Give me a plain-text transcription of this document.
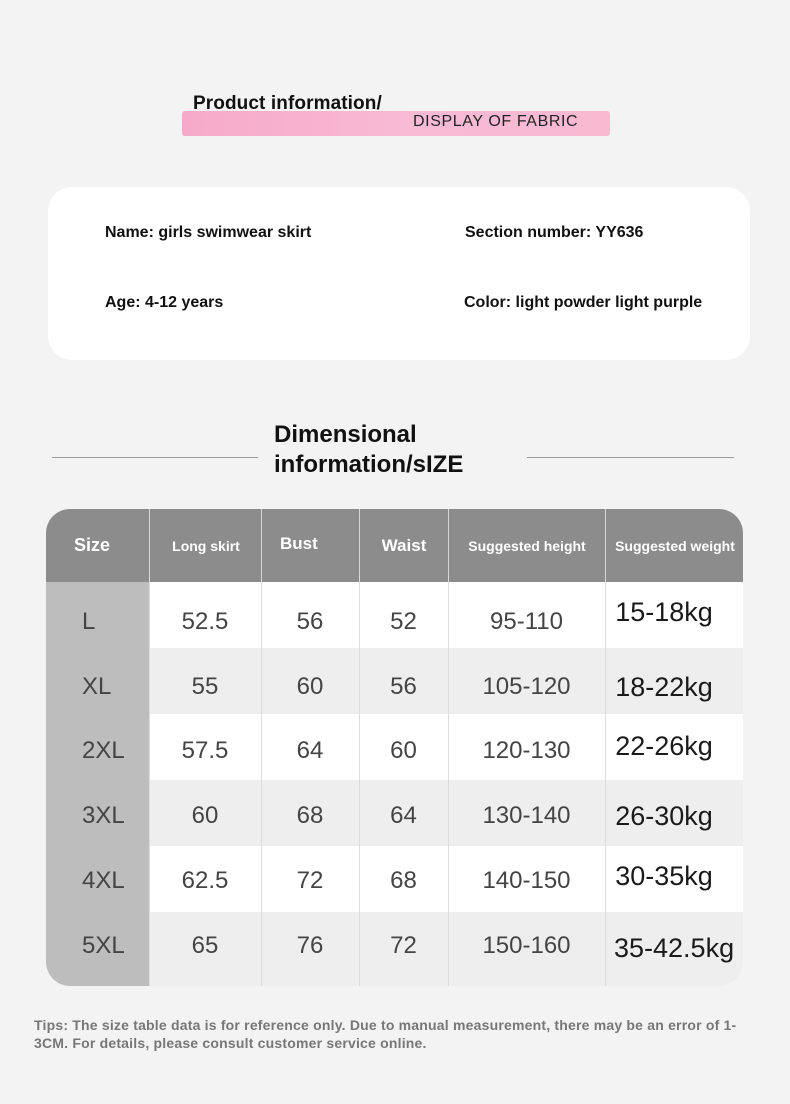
Product information/
DISPLAY OF FABRIC
Name: girls swimwear skirt	Section number: YY636
Age: 4-12 years	Color: light powder light purple
Dimensional
information/sIZE
Size	Long skirt	Bust	Waist	Suggested height	Suggested weight
L	52.5	56	52	95-110	15-18kg
XL	55	60	56	105-120	18-22kg
2XL	57.5	64	60	120-130	22-26kg
3XL	60	68	64	130-140	26-30kg
4XL	62.5	72	68	140-150	30-35kg
5XL	65	76	72	150-160	35-42.5kg
Tips: The size table data is for reference only. Due to manual measurement, there may be an error of 1-3CM. For details, please consult customer service online.
